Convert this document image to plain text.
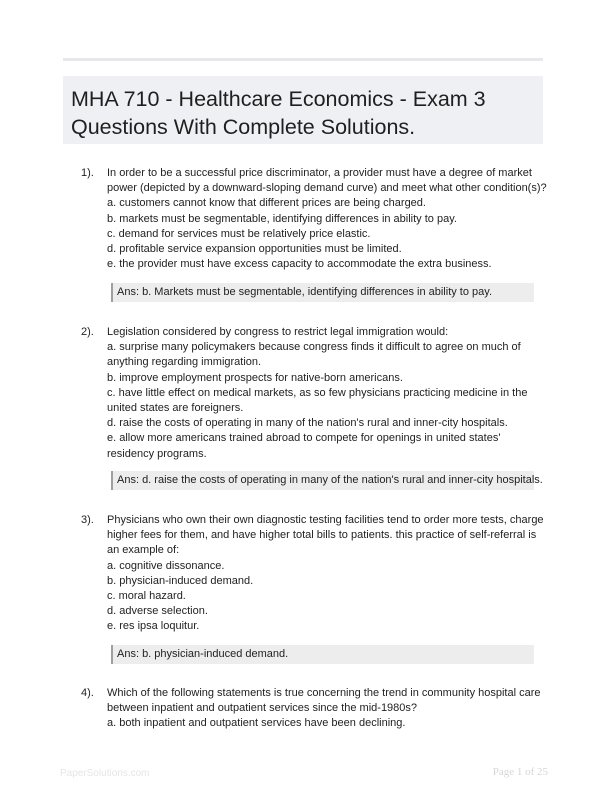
MHA 710 - Healthcare Economics - Exam 3
Questions With Complete Solutions.
1). In order to be a successful price discriminator, a provider must have a degree of market
power (depicted by a downward-sloping demand curve) and meet what other condition(s)?
a. customers cannot know that different prices are being charged.
b. markets must be segmentable, identifying differences in ability to pay.
c. demand for services must be relatively price elastic.
d. profitable service expansion opportunities must be limited.
e. the provider must have excess capacity to accommodate the extra business.
Ans: b. Markets must be segmentable, identifying differences in ability to pay.
2). Legislation considered by congress to restrict legal immigration would:
a. surprise many policymakers because congress finds it difficult to agree on much of
anything regarding immigration.
b. improve employment prospects for native-born americans.
c. have little effect on medical markets, as so few physicians practicing medicine in the
united states are foreigners.
d. raise the costs of operating in many of the nation's rural and inner-city hospitals.
e. allow more americans trained abroad to compete for openings in united states'
residency programs.
Ans: d. raise the costs of operating in many of the nation's rural and inner-city hospitals.
3). Physicians who own their own diagnostic testing facilities tend to order more tests, charge
higher fees for them, and have higher total bills to patients. this practice of self-referral is
an example of:
a. cognitive dissonance.
b. physician-induced demand.
c. moral hazard.
d. adverse selection.
e. res ipsa loquitur.
Ans: b. physician-induced demand.
4). Which of the following statements is true concerning the trend in community hospital care
between inpatient and outpatient services since the mid-1980s?
a. both inpatient and outpatient services have been declining.
PaperSolutions.com	Page 1 of 25
